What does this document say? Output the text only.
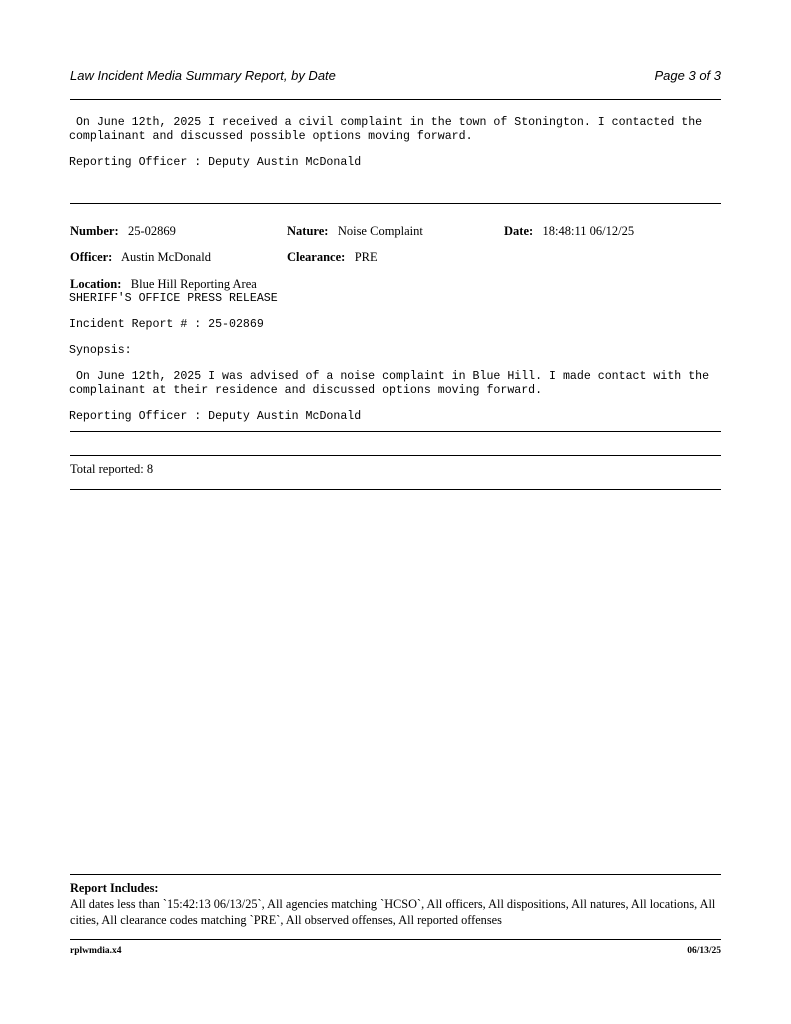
Law Incident Media Summary Report, by Date	Page 3 of 3
On June 12th, 2025 I received a civil complaint in the town of Stonington. I contacted the
complainant and discussed possible options moving forward.
Reporting Officer : Deputy Austin McDonald
Number: 25-02869	Nature: Noise Complaint	Date: 18:48:11 06/12/25
Officer: Austin McDonald	Clearance: PRE
Location: Blue Hill Reporting Area
SHERIFF'S OFFICE PRESS RELEASE
Incident Report # : 25-02869
Synopsis:
On June 12th, 2025 I was advised of a noise complaint in Blue Hill. I made contact with the
complainant at their residence and discussed options moving forward.
Reporting Officer : Deputy Austin McDonald
Total reported: 8
Report Includes:
All dates less than `15:42:13 06/13/25`, All agencies matching `HCSO`, All officers, All dispositions, All natures, All locations, All cities, All clearance codes matching `PRE`, All observed offenses, All reported offenses
rplwmdia.x4	06/13/25
